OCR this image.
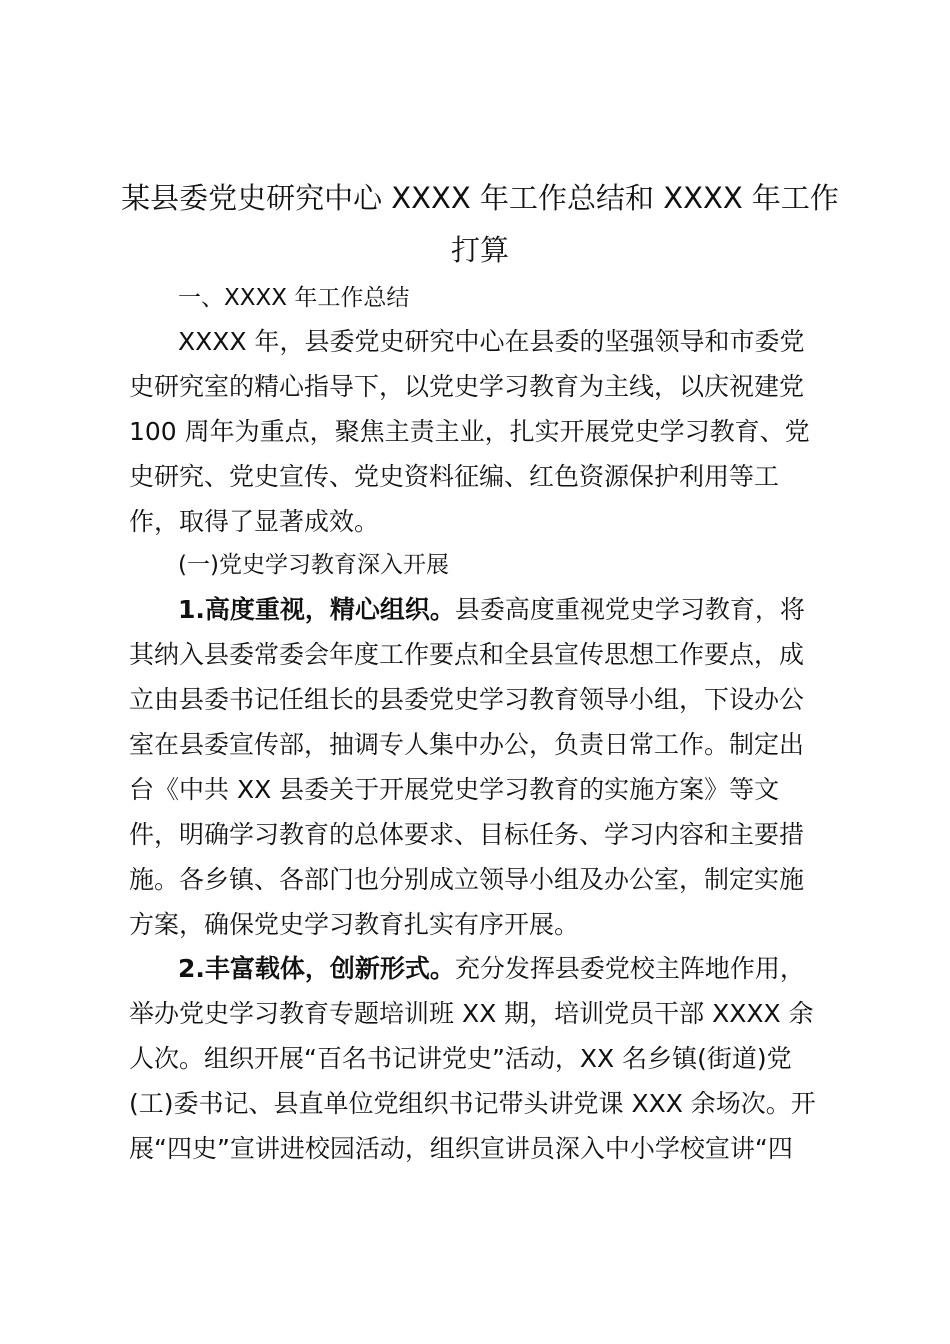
某县委党史研究中心 XXXX 年工作总结和 XXXX 年工作
打算
一、XXXX 年工作总结
XXXX 年，县委党史研究中心在县委的坚强领导和市委党
史研究室的精心指导下，以党史学习教育为主线，以庆祝建党
100 周年为重点，聚焦主责主业，扎实开展党史学习教育、党
史研究、党史宣传、党史资料征编、红色资源保护利用等工
作，取得了显著成效。
(一)党史学习教育深入开展
1.高度重视，精心组织。县委高度重视党史学习教育，将
其纳入县委常委会年度工作要点和全县宣传思想工作要点，成
立由县委书记任组长的县委党史学习教育领导小组，下设办公
室在县委宣传部，抽调专人集中办公，负责日常工作。制定出
台《中共 XX 县委关于开展党史学习教育的实施方案》等文
件，明确学习教育的总体要求、目标任务、学习内容和主要措
施。各乡镇、各部门也分别成立领导小组及办公室，制定实施
方案，确保党史学习教育扎实有序开展。
2.丰富载体，创新形式。充分发挥县委党校主阵地作用，
举办党史学习教育专题培训班 XX 期，培训党员干部 XXXX 余
人次。组织开展“百名书记讲党史”活动，XX 名乡镇(街道)党
(工)委书记、县直单位党组织书记带头讲党课 XXX 余场次。开
展“四史”宣讲进校园活动，组织宣讲员深入中小学校宣讲“四
